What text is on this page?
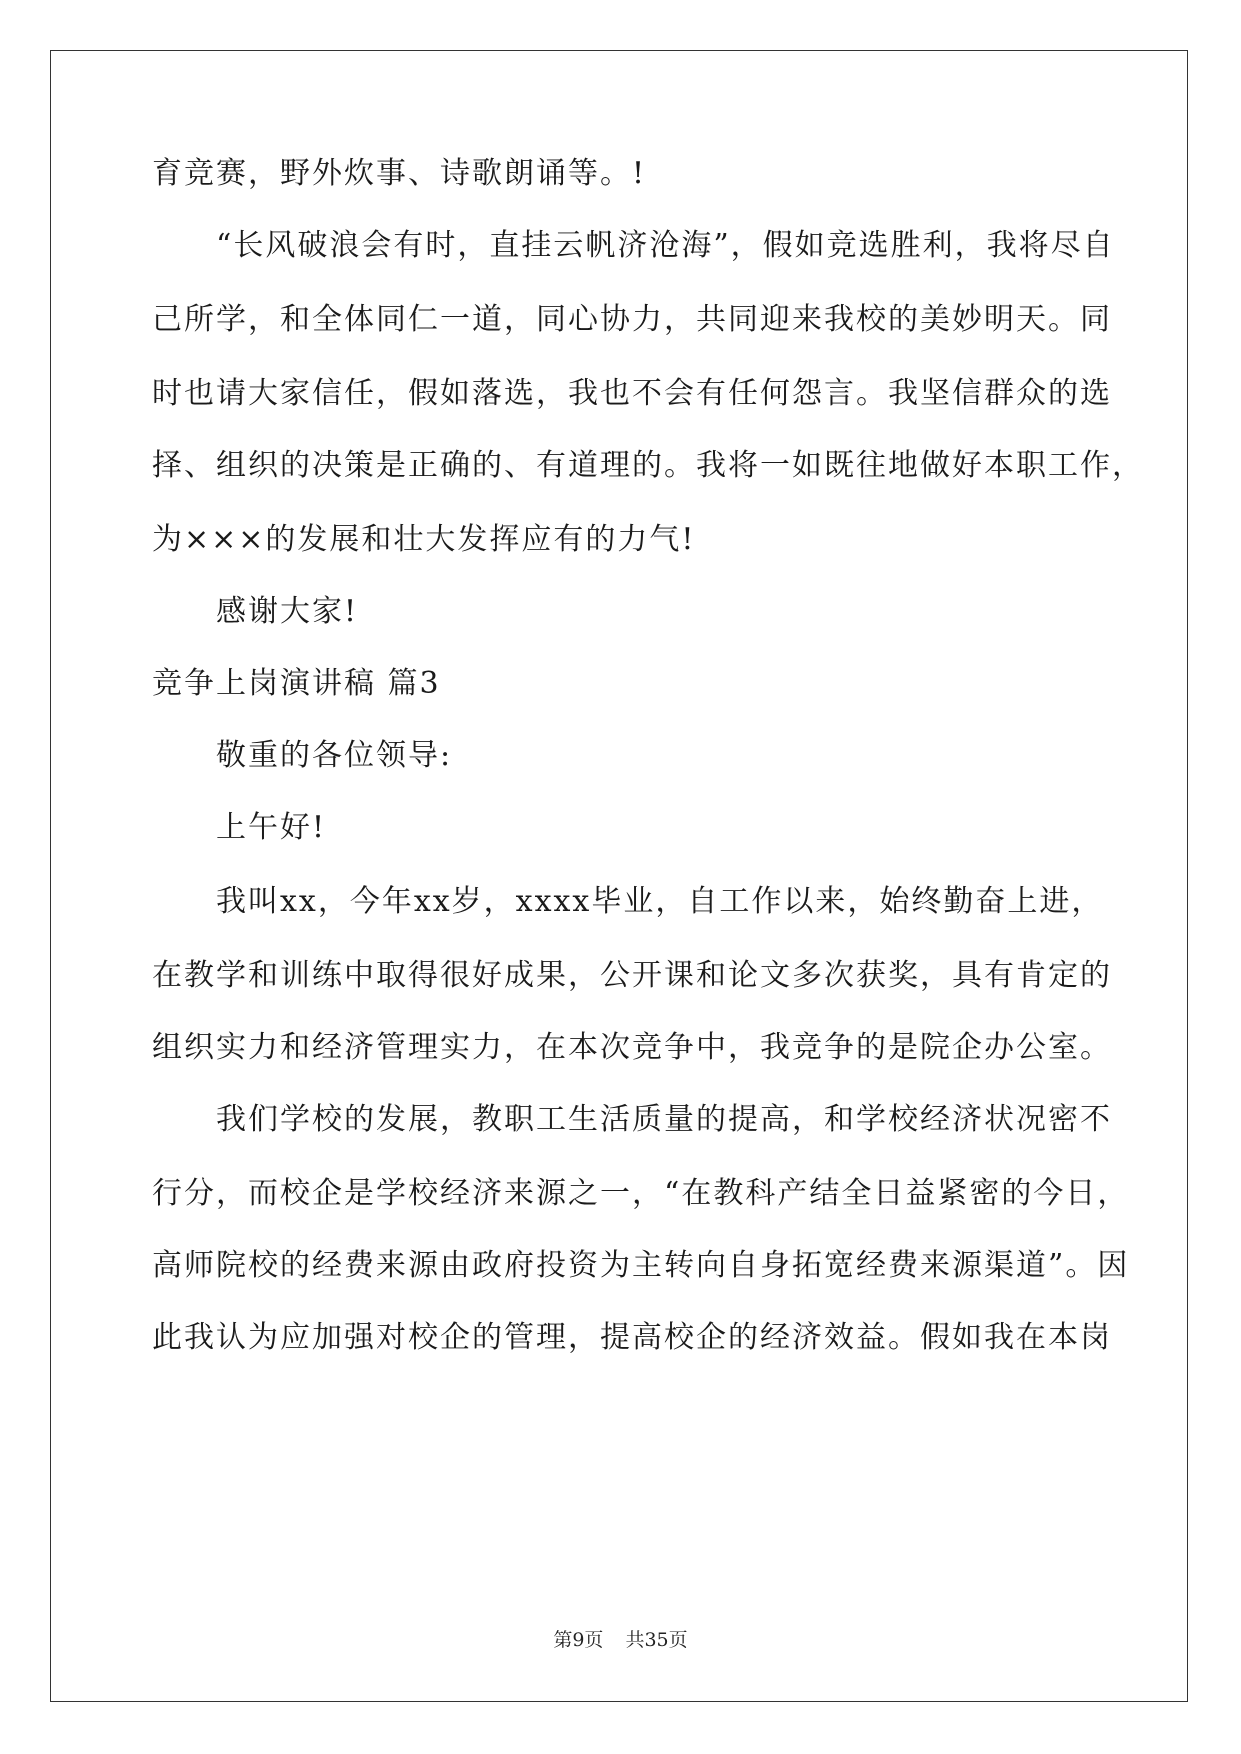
育竞赛，野外炊事、诗歌朗诵等。!
“长风破浪会有时，直挂云帆济沧海”，假如竞选胜利，我将尽自
己所学，和全体同仁一道，同心协力，共同迎来我校的美妙明天。同
时也请大家信任，假如落选，我也不会有任何怨言。我坚信群众的选
择、组织的决策是正确的、有道理的。我将一如既往地做好本职工作，
为×××的发展和壮大发挥应有的力气!
感谢大家!
竞争上岗演讲稿 篇3
敬重的各位领导:
上午好!
我叫xx，今年xx岁，xxxx毕业，自工作以来，始终勤奋上进，
在教学和训练中取得很好成果，公开课和论文多次获奖，具有肯定的
组织实力和经济管理实力，在本次竞争中，我竞争的是院企办公室。
我们学校的发展，教职工生活质量的提高，和学校经济状况密不
行分，而校企是学校经济来源之一，“在教科产结全日益紧密的今日，
高师院校的经费来源由政府投资为主转向自身拓宽经费来源渠道”。因
此我认为应加强对校企的管理，提高校企的经济效益。假如我在本岗
第9页 共35页
